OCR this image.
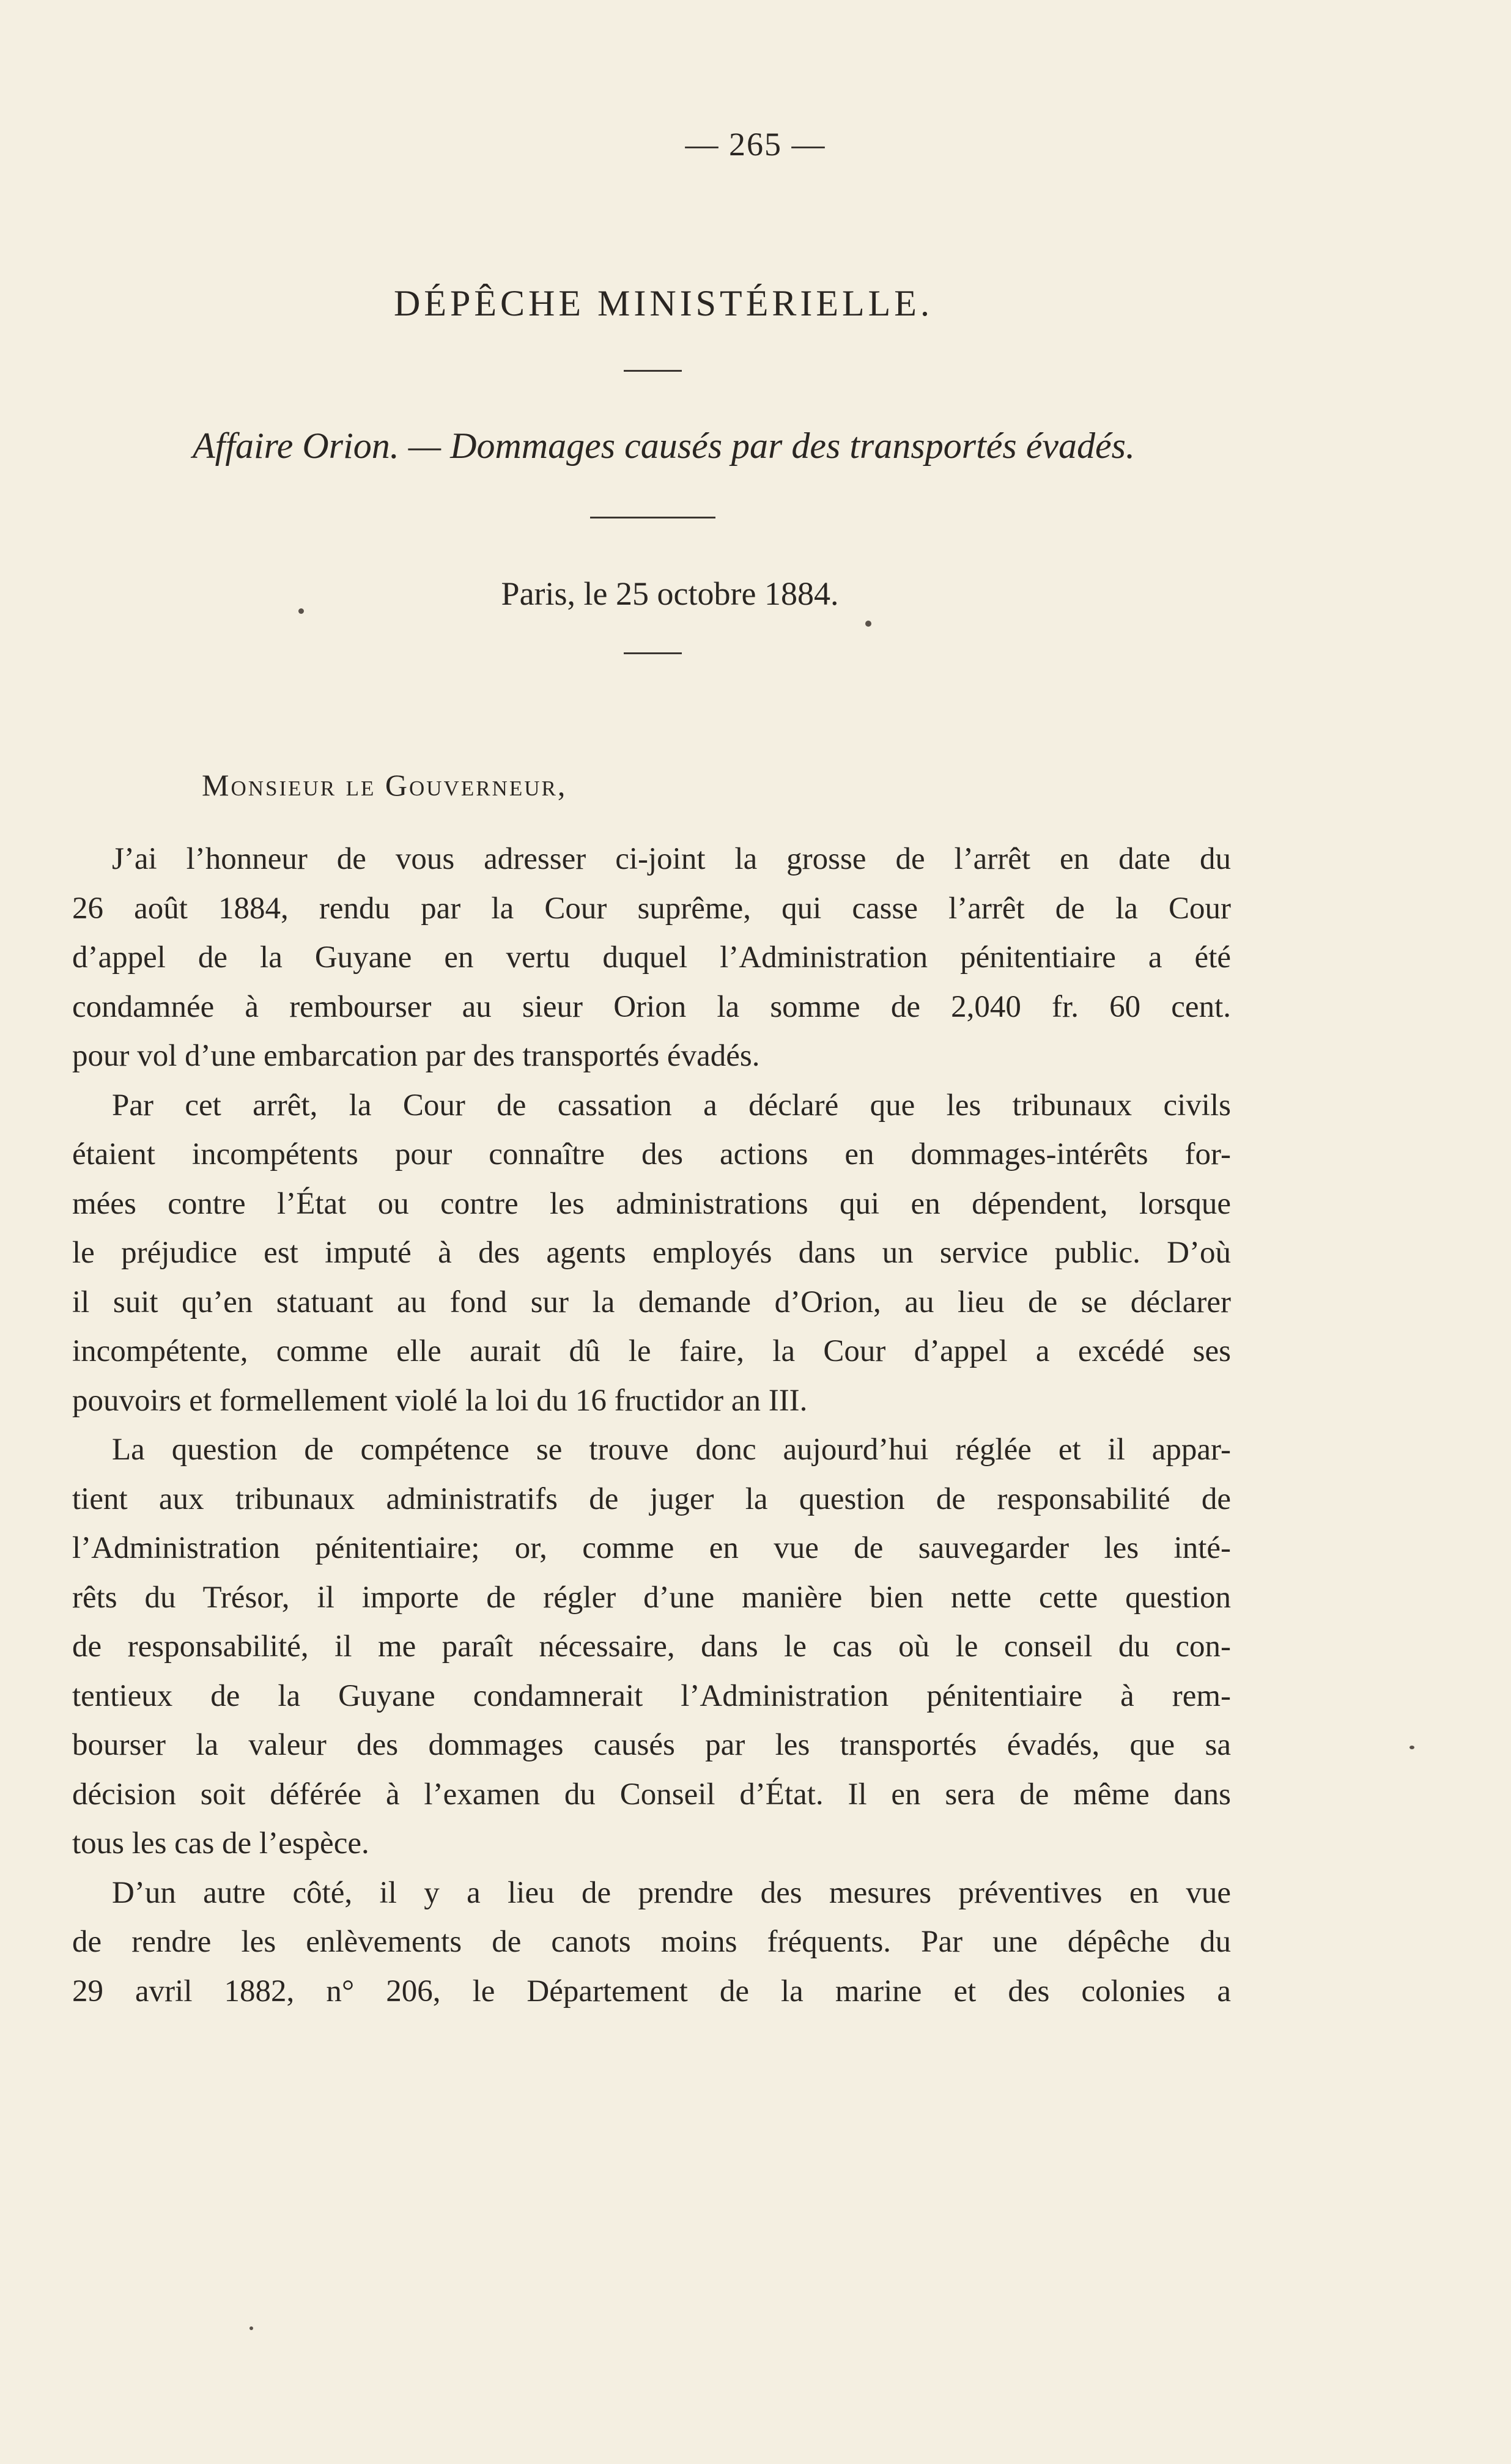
— 265 —
DÉPÊCHE MINISTÉRIELLE.
Affaire Orion. — Dommages causés par des transportés évadés.
Paris, le 25 octobre 1884.
Monsieur le Gouverneur,
J’ai l’honneur de vous adresser ci-joint la grosse de l’arrêt en date du
26 août 1884, rendu par la Cour suprême, qui casse l’arrêt de la Cour
d’appel de la Guyane en vertu duquel l’Administration pénitentiaire a été
condamnée à rembourser au sieur Orion la somme de 2,040 fr. 60 cent.
pour vol d’une embarcation par des transportés évadés.
Par cet arrêt, la Cour de cassation a déclaré que les tribunaux civils
étaient incompétents pour connaître des actions en dommages-intérêts for-
mées contre l’État ou contre les administrations qui en dépendent, lorsque
le préjudice est imputé à des agents employés dans un service public. D’où
il suit qu’en statuant au fond sur la demande d’Orion, au lieu de se déclarer
incompétente, comme elle aurait dû le faire, la Cour d’appel a excédé ses
pouvoirs et formellement violé la loi du 16 fructidor an III.
La question de compétence se trouve donc aujourd’hui réglée et il appar-
tient aux tribunaux administratifs de juger la question de responsabilité de
l’Administration pénitentiaire; or, comme en vue de sauvegarder les inté-
rêts du Trésor, il importe de régler d’une manière bien nette cette question
de responsabilité, il me paraît nécessaire, dans le cas où le conseil du con-
tentieux de la Guyane condamnerait l’Administration pénitentiaire à rem-
bourser la valeur des dommages causés par les transportés évadés, que sa
décision soit déférée à l’examen du Conseil d’État. Il en sera de même dans
tous les cas de l’espèce.
D’un autre côté, il y a lieu de prendre des mesures préventives en vue
de rendre les enlèvements de canots moins fréquents. Par une dépêche du
29 avril 1882, n° 206, le Département de la marine et des colonies a
